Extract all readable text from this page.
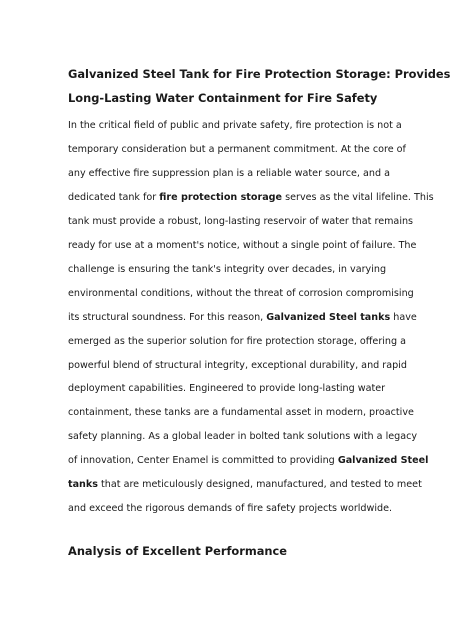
Galvanized Steel Tank for Fire Protection Storage: Provides
Long-Lasting Water Containment for Fire Safety

In the critical field of public and private safety, fire protection is not a
temporary consideration but a permanent commitment. At the core of
any effective fire suppression plan is a reliable water source, and a
dedicated tank for fire protection storage serves as the vital lifeline. This
tank must provide a robust, long-lasting reservoir of water that remains
ready for use at a moment's notice, without a single point of failure. The
challenge is ensuring the tank's integrity over decades, in varying
environmental conditions, without the threat of corrosion compromising
its structural soundness. For this reason, Galvanized Steel tanks have
emerged as the superior solution for fire protection storage, offering a
powerful blend of structural integrity, exceptional durability, and rapid
deployment capabilities. Engineered to provide long-lasting water
containment, these tanks are a fundamental asset in modern, proactive
safety planning. As a global leader in bolted tank solutions with a legacy
of innovation, Center Enamel is committed to providing Galvanized Steel
tanks that are meticulously designed, manufactured, and tested to meet
and exceed the rigorous demands of fire safety projects worldwide.

Analysis of Excellent Performance
